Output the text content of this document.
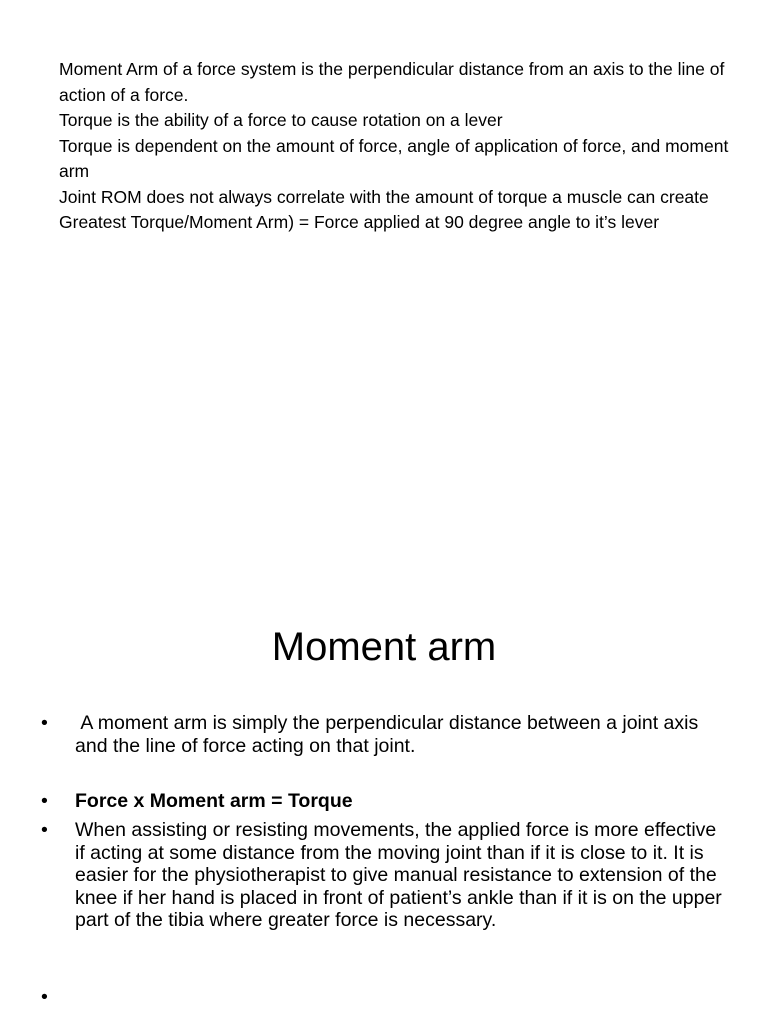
Moment Arm of a force system is the perpendicular distance from an axis to the line of action of a force.

Torque is the ability of a force to cause rotation on a lever

Torque is dependent on the amount of force, angle of application of force, and moment arm

Joint ROM does not always correlate with the amount of torque a muscle can create

Greatest Torque/Moment Arm) = Force applied at 90 degree angle to it’s lever

Moment arm
•	A moment arm is simply the perpendicular distance between a joint axis and the line of force acting on that joint.

•	Force x Moment arm = Torque

•	When assisting or resisting movements, the applied force is more effective if acting at some distance from the moving joint than if it is close to it. It is easier for the physiotherapist to give manual resistance to extension of the knee if her hand is placed in front of patient’s ankle than if it is on the upper part of the tibia where greater force is necessary.

•
